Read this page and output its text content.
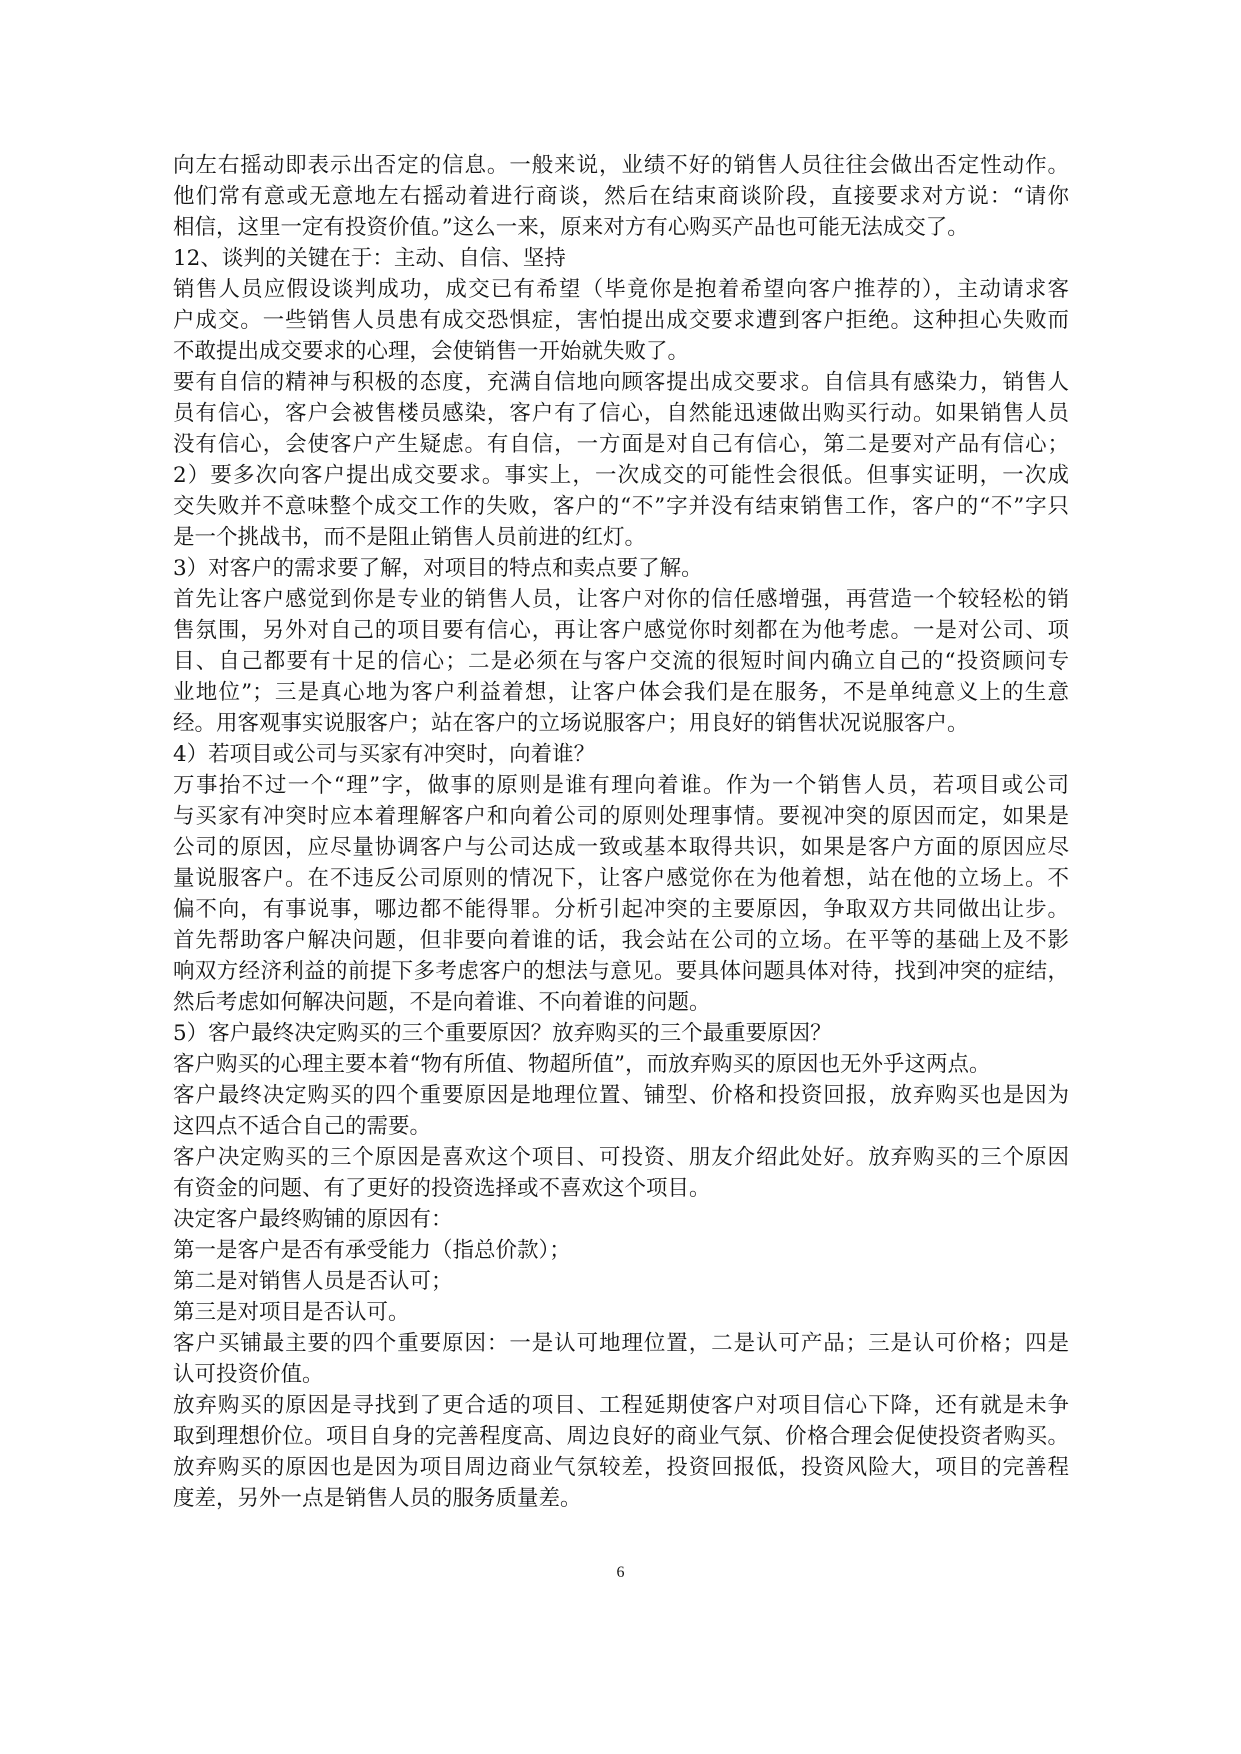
向左右摇动即表示出否定的信息。一般来说，业绩不好的销售人员往往会做出否定性动作。
他们常有意或无意地左右摇动着进行商谈，然后在结束商谈阶段，直接要求对方说：“请你
相信，这里一定有投资价值。”这么一来，原来对方有心购买产品也可能无法成交了。
12、谈判的关键在于：主动、自信、坚持
销售人员应假设谈判成功，成交已有希望（毕竟你是抱着希望向客户推荐的），主动请求客
户成交。一些销售人员患有成交恐惧症，害怕提出成交要求遭到客户拒绝。这种担心失败而
不敢提出成交要求的心理，会使销售一开始就失败了。
要有自信的精神与积极的态度，充满自信地向顾客提出成交要求。自信具有感染力，销售人
员有信心，客户会被售楼员感染，客户有了信心，自然能迅速做出购买行动。如果销售人员
没有信心，会使客户产生疑虑。有自信，一方面是对自己有信心，第二是要对产品有信心；
2）要多次向客户提出成交要求。事实上，一次成交的可能性会很低。但事实证明，一次成
交失败并不意味整个成交工作的失败，客户的“不”字并没有结束销售工作，客户的“不”字只
是一个挑战书，而不是阻止销售人员前进的红灯。
3）对客户的需求要了解，对项目的特点和卖点要了解。
首先让客户感觉到你是专业的销售人员，让客户对你的信任感增强，再营造一个较轻松的销
售氛围，另外对自己的项目要有信心，再让客户感觉你时刻都在为他考虑。一是对公司、项
目、自己都要有十足的信心；二是必须在与客户交流的很短时间内确立自己的“投资顾问专
业地位”；三是真心地为客户利益着想，让客户体会我们是在服务，不是单纯意义上的生意
经。用客观事实说服客户；站在客户的立场说服客户；用良好的销售状况说服客户。
4）若项目或公司与买家有冲突时，向着谁？
万事抬不过一个“理”字，做事的原则是谁有理向着谁。作为一个销售人员，若项目或公司
与买家有冲突时应本着理解客户和向着公司的原则处理事情。要视冲突的原因而定，如果是
公司的原因，应尽量协调客户与公司达成一致或基本取得共识，如果是客户方面的原因应尽
量说服客户。在不违反公司原则的情况下，让客户感觉你在为他着想，站在他的立场上。不
偏不向，有事说事，哪边都不能得罪。分析引起冲突的主要原因，争取双方共同做出让步。
首先帮助客户解决问题，但非要向着谁的话，我会站在公司的立场。在平等的基础上及不影
响双方经济利益的前提下多考虑客户的想法与意见。要具体问题具体对待，找到冲突的症结，
然后考虑如何解决问题，不是向着谁、不向着谁的问题。
5）客户最终决定购买的三个重要原因？放弃购买的三个最重要原因？
客户购买的心理主要本着“物有所值、物超所值”，而放弃购买的原因也无外乎这两点。
客户最终决定购买的四个重要原因是地理位置、铺型、价格和投资回报，放弃购买也是因为
这四点不适合自己的需要。
客户决定购买的三个原因是喜欢这个项目、可投资、朋友介绍此处好。放弃购买的三个原因
有资金的问题、有了更好的投资选择或不喜欢这个项目。
决定客户最终购铺的原因有：
第一是客户是否有承受能力（指总价款）；
第二是对销售人员是否认可；
第三是对项目是否认可。
客户买铺最主要的四个重要原因：一是认可地理位置，二是认可产品；三是认可价格；四是
认可投资价值。
放弃购买的原因是寻找到了更合适的项目、工程延期使客户对项目信心下降，还有就是未争
取到理想价位。项目自身的完善程度高、周边良好的商业气氛、价格合理会促使投资者购买。
放弃购买的原因也是因为项目周边商业气氛较差，投资回报低，投资风险大，项目的完善程
度差，另外一点是销售人员的服务质量差。
6
